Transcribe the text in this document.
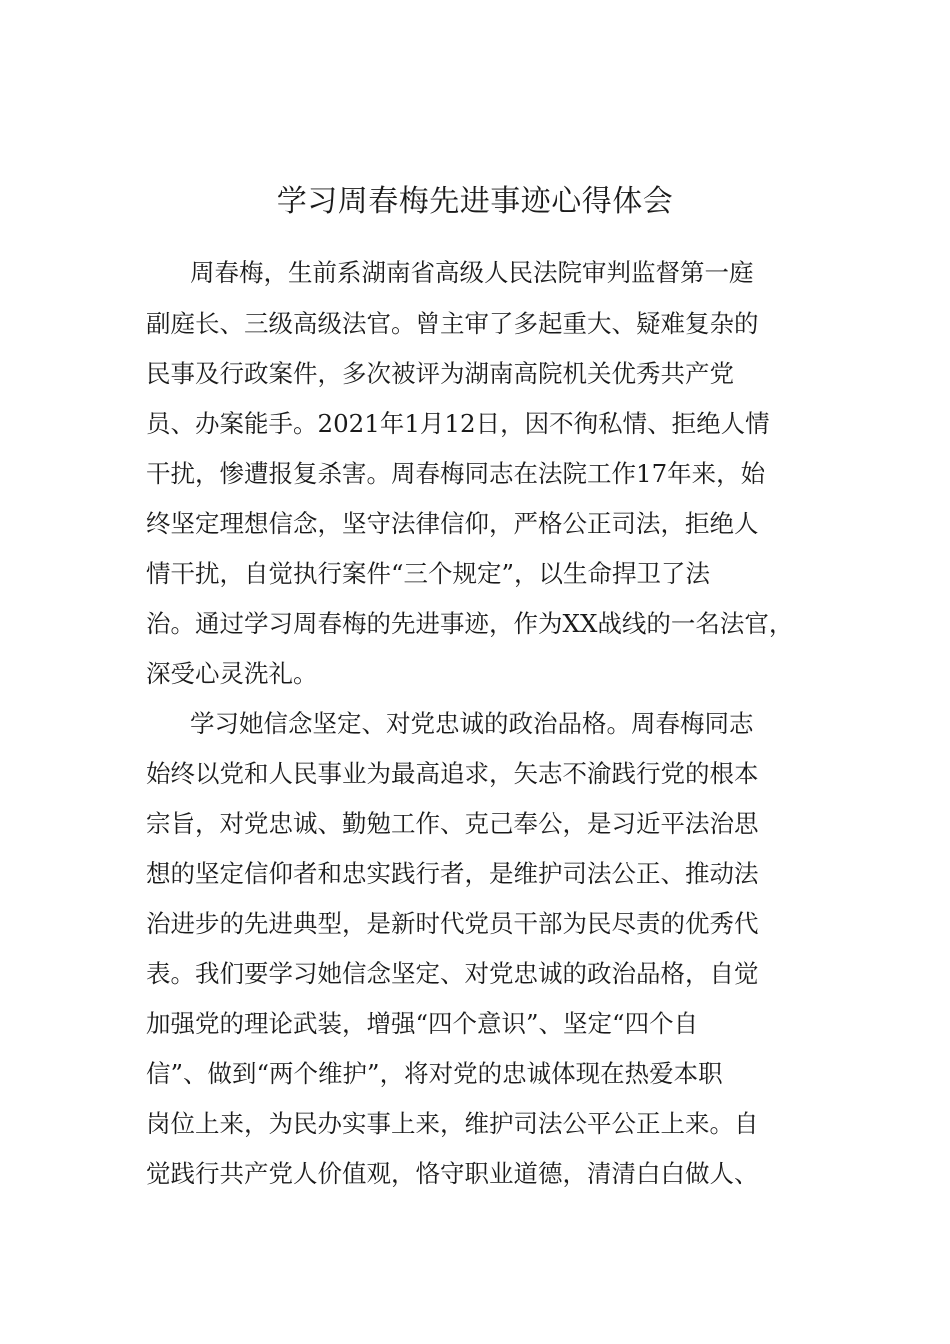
学习周春梅先进事迹心得体会
周春梅，生前系湖南省高级人民法院审判监督第一庭
副庭长、三级高级法官。曾主审了多起重大、疑难复杂的
民事及行政案件，多次被评为湖南高院机关优秀共产党
员、办案能手。2021年1月12日，因不徇私情、拒绝人情
干扰，惨遭报复杀害。周春梅同志在法院工作17年来，始
终坚定理想信念，坚守法律信仰，严格公正司法，拒绝人
情干扰，自觉执行案件“三个规定”，以生命捍卫了法
治。通过学习周春梅的先进事迹，作为XX战线的一名法官，
深受心灵洗礼。
学习她信念坚定、对党忠诚的政治品格。周春梅同志
始终以党和人民事业为最高追求，矢志不渝践行党的根本
宗旨，对党忠诚、勤勉工作、克己奉公，是习近平法治思
想的坚定信仰者和忠实践行者，是维护司法公正、推动法
治进步的先进典型，是新时代党员干部为民尽责的优秀代
表。我们要学习她信念坚定、对党忠诚的政治品格，自觉
加强党的理论武装，增强“四个意识”、坚定“四个自
信”、做到“两个维护”，将对党的忠诚体现在热爱本职
岗位上来，为民办实事上来，维护司法公平公正上来。自
觉践行共产党人价值观，恪守职业道德，清清白白做人、
